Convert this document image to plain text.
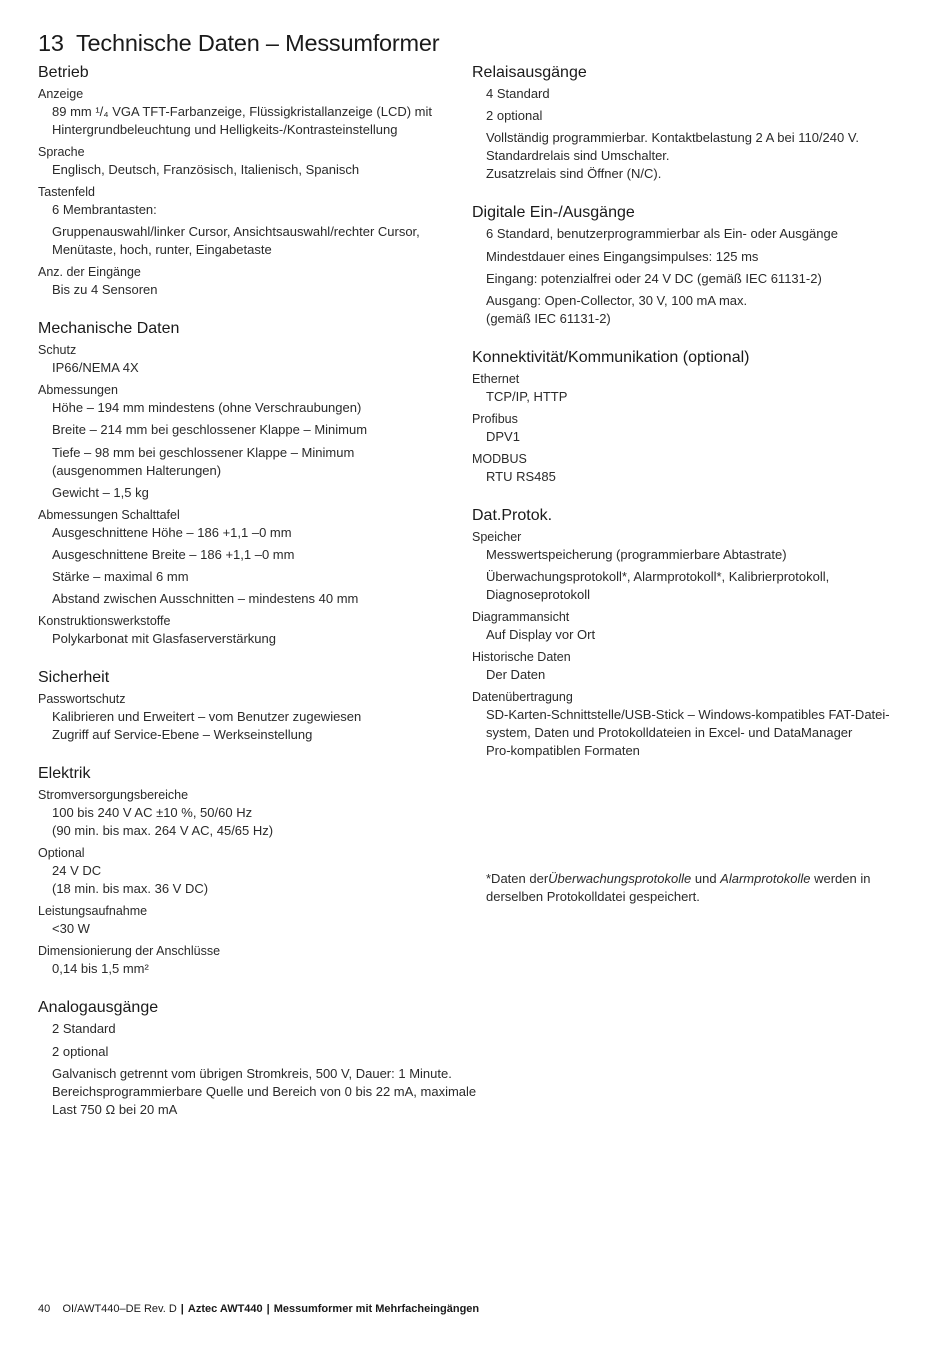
13 Technische Daten – Messumformer
Betrieb
Anzeige
89 mm ¹/₄ VGA TFT-Farbanzeige, Flüssigkristallanzeige (LCD) mit
Hintergrundbeleuchtung und Helligkeits-/Kontrasteinstellung
Sprache
Englisch, Deutsch, Französisch, Italienisch, Spanisch
Tastenfeld
6 Membrantasten:
Gruppenauswahl/linker Cursor, Ansichtsauswahl/rechter Cursor,
Menütaste, hoch, runter, Eingabetaste
Anz. der Eingänge
Bis zu 4 Sensoren
Mechanische Daten
Schutz
IP66/NEMA 4X
Abmessungen
Höhe – 194 mm mindestens (ohne Verschraubungen)
Breite – 214 mm bei geschlossener Klappe – Minimum
Tiefe – 98 mm bei geschlossener Klappe – Minimum
(ausgenommen Halterungen)
Gewicht – 1,5 kg
Abmessungen Schalttafel
Ausgeschnittene Höhe – 186 +1,1 –0 mm
Ausgeschnittene Breite – 186 +1,1 –0 mm
Stärke – maximal 6 mm
Abstand zwischen Ausschnitten – mindestens 40 mm
Konstruktionswerkstoffe
Polykarbonat mit Glasfaserverstärkung
Sicherheit
Passwortschutz
Kalibrieren und Erweitert – vom Benutzer zugewiesen
Zugriff auf Service-Ebene – Werkseinstellung
Elektrik
Stromversorgungsbereiche
100 bis 240 V AC ±10 %, 50/60 Hz
(90 min. bis max. 264 V AC, 45/65 Hz)
Optional
24 V DC
(18 min. bis max. 36 V DC)
Leistungsaufnahme
<30 W
Dimensionierung der Anschlüsse
0,14 bis 1,5 mm²
Analogausgänge
2 Standard
2 optional
Galvanisch getrennt vom übrigen Stromkreis, 500 V, Dauer: 1 Minute.
Bereichsprogrammierbare Quelle und Bereich von 0 bis 22 mA, maximale
Last 750 Ω bei 20 mA
Relaisausgänge
4 Standard
2 optional
Vollständig programmierbar. Kontaktbelastung 2 A bei 110/240 V.
Standardrelais sind Umschalter.
Zusatzrelais sind Öffner (N/C).
Digitale Ein-/Ausgänge
6 Standard, benutzerprogrammierbar als Ein- oder Ausgänge
Mindestdauer eines Eingangsimpulses: 125 ms
Eingang: potenzialfrei oder 24 V DC (gemäß IEC 61131-2)
Ausgang: Open-Collector, 30 V, 100 mA max.
(gemäß IEC 61131-2)
Konnektivität/Kommunikation (optional)
Ethernet
TCP/IP, HTTP
Profibus
DPV1
MODBUS
RTU RS485
Dat.Protok.
Speicher
Messwertspeicherung (programmierbare Abtastrate)
Überwachungsprotokoll*, Alarmprotokoll*, Kalibrierprotokoll,
Diagnoseprotokoll
Diagrammansicht
Auf Display vor Ort
Historische Daten
Der Daten
Datenübertragung
SD-Karten-Schnittstelle/USB-Stick – Windows-kompatibles FAT-Datei-
system, Daten und Protokolldateien in Excel- und DataManager
Pro-kompatiblen Formaten
*Daten derÜberwachungsprotokolle und Alarmprotokolle werden in
derselben Protokolldatei gespeichert.
40 OI/AWT440–DE Rev. D | Aztec AWT440 | Messumformer mit Mehrfacheingängen
